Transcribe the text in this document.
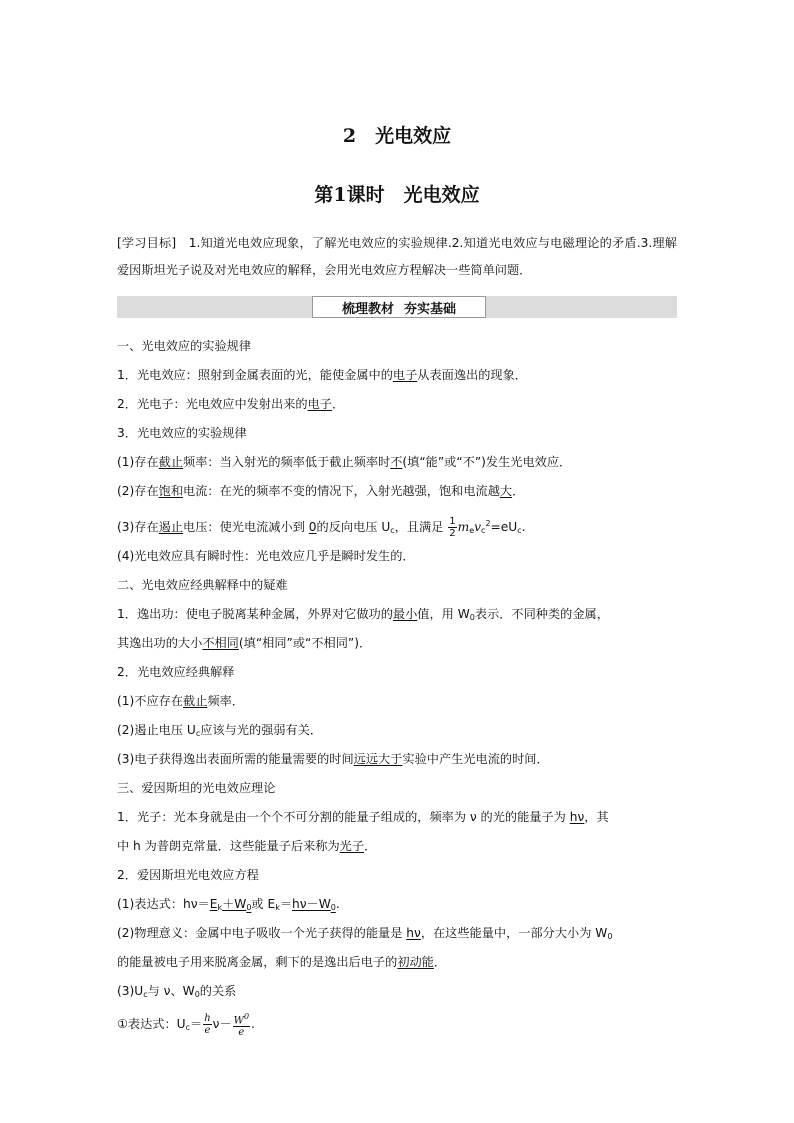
2　光电效应
第1课时　光电效应
[学习目标]　1.知道光电效应现象，了解光电效应的实验规律.2.知道光电效应与电磁理论的矛盾.3.理解爱因斯坦光子说及对光电效应的解释，会用光电效应方程解决一些简单问题．
梳理教材 夯实基础
一、光电效应的实验规律
1．光电效应：照射到金属表面的光，能使金属中的电子从表面逸出的现象．
2．光电子：光电效应中发射出来的电子．
3．光电效应的实验规律
(1)存在截止频率：当入射光的频率低于截止频率时不(填“能”或“不”)发生光电效应．
(2)存在饱和电流：在光的频率不变的情况下，入射光越强，饱和电流越大．
(3)存在遏止电压：使光电流减小到 0的反向电压 $U_c$，且满足 $\frac{1}{2} m_ev_c^2=eU_c$.
(4)光电效应具有瞬时性：光电效应几乎是瞬时发生的．
二、光电效应经典解释中的疑难
1．逸出功：使电子脱离某种金属，外界对它做功的最小值，用 $W_0$表示．不同种类的金属，
其逸出功的大小不相同(填“相同”或“不相同”)．
2．光电效应经典解释
(1)不应存在截止频率．
(2)遏止电压 $U_c$应该与光的强弱有关．
(3)电子获得逸出表面所需的能量需要的时间远远大于实验中产生光电流的时间．
三、爱因斯坦的光电效应理论
1．光子：光本身就是由一个个不可分割的能量子组成的，频率为 ν 的光的能量子为 hν，其
中 h 为普朗克常量．这些能量子后来称为光子．
2．爱因斯坦光电效应方程
(1)表达式：$h\nu=E_k+W_0$或 $E_k=h\nu-W_0$.
(2)物理意义：金属中电子吸收一个光子获得的能量是 hν，在这些能量中，一部分大小为 $W_0$
的能量被电子用来脱离金属，剩下的是逸出后电子的初动能．
$(3)U_c$与 ν、$W_0$的关系
①表达式：$U_c= \frac{h}{e} \nu- \frac{W^0}{e}$ .
